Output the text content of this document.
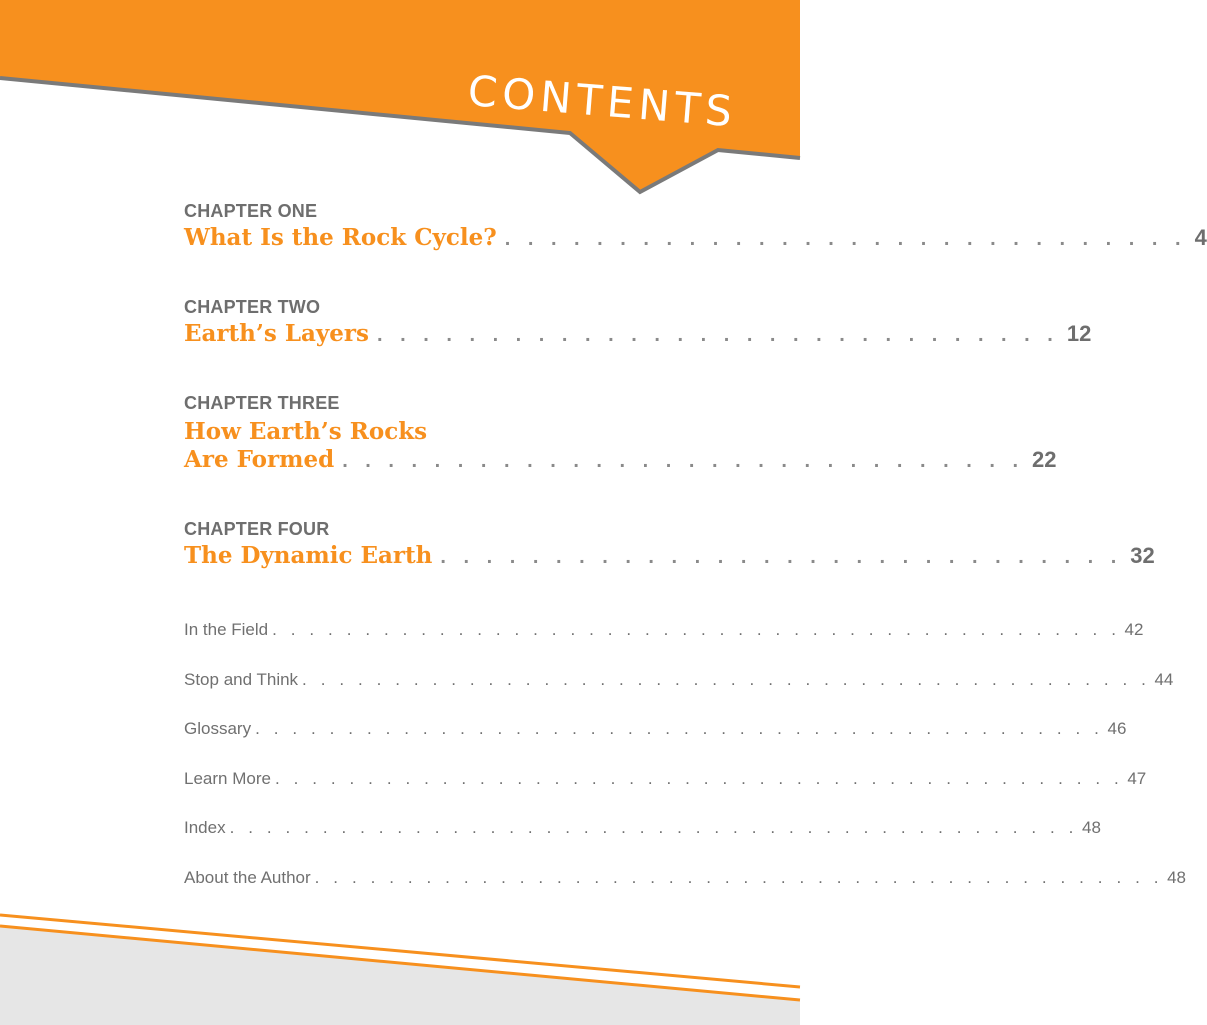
CONTENTS
CHAPTER ONE
What Is the Rock Cycle? . . . . . . . . . . . . . . . . . . . . . . . . . . . . . . 4
CHAPTER TWO
Earth’s Layers . . . . . . . . . . . . . . . . . . . . . . . . . . . . . . 12
CHAPTER THREE
How Earth’s Rocks
Are Formed . . . . . . . . . . . . . . . . . . . . . . . . . . . . . . 22
CHAPTER FOUR
The Dynamic Earth . . . . . . . . . . . . . . . . . . . . . . . . . . . . . . 32
In the Field . . . . . . . . . . . . . . . . . . . . . . . . . . . . . . . . . . . . . . . . . . . . . . 42
Stop and Think . . . . . . . . . . . . . . . . . . . . . . . . . . . . . . . . . . . . . . . . . . . . . . 44
Glossary . . . . . . . . . . . . . . . . . . . . . . . . . . . . . . . . . . . . . . . . . . . . . . 46
Learn More . . . . . . . . . . . . . . . . . . . . . . . . . . . . . . . . . . . . . . . . . . . . . . 47
Index . . . . . . . . . . . . . . . . . . . . . . . . . . . . . . . . . . . . . . . . . . . . . . 48
About the Author . . . . . . . . . . . . . . . . . . . . . . . . . . . . . . . . . . . . . . . . . . . . . . 48
